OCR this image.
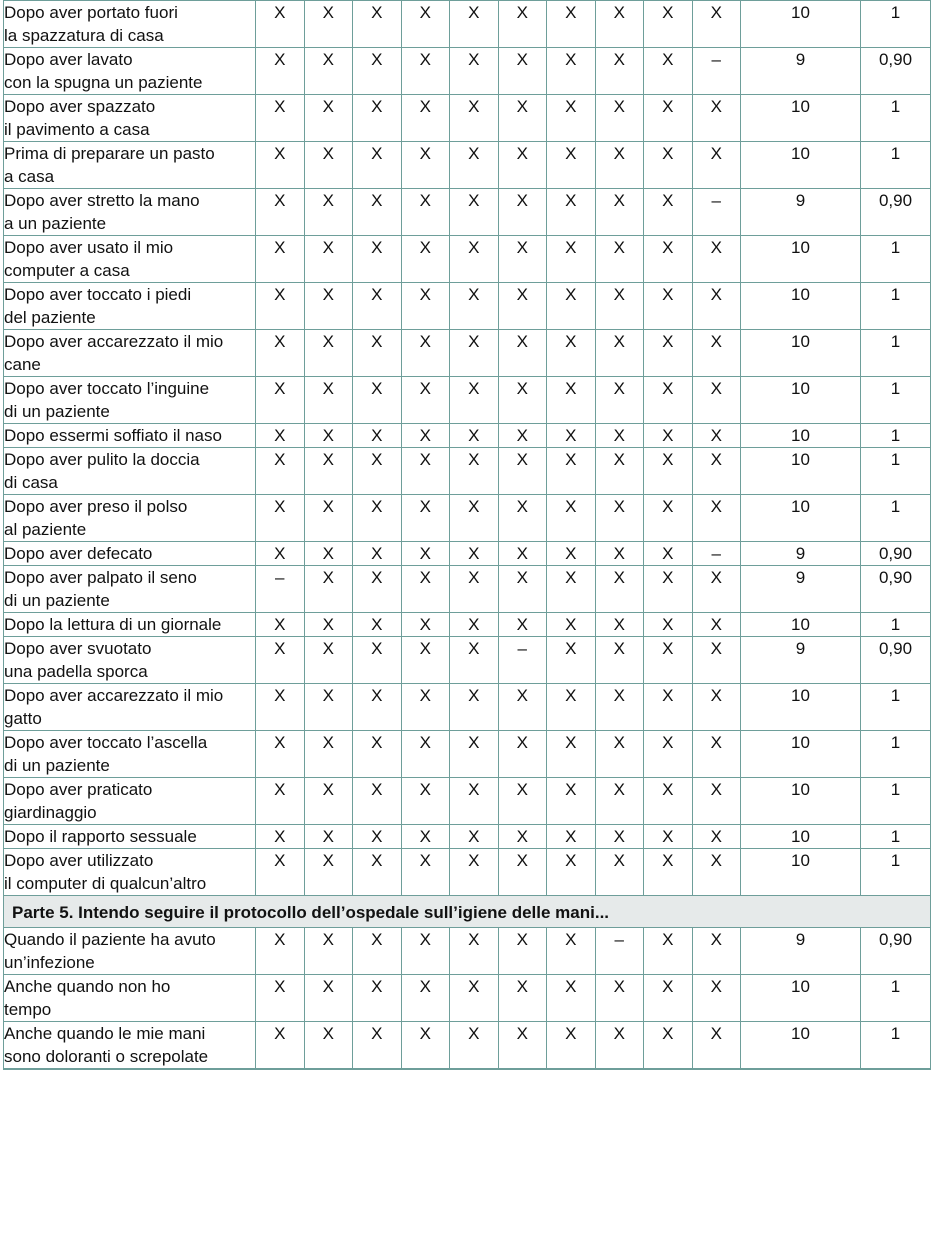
Dopo aver portato fuori
la spazzatura di casa	X	X	X	X	X	X	X	X	X	X	10	1
Dopo aver lavato
con la spugna un paziente	X	X	X	X	X	X	X	X	X	–	9	0,90
Dopo aver spazzato
il pavimento a casa	X	X	X	X	X	X	X	X	X	X	10	1
Prima di preparare un pasto
a casa	X	X	X	X	X	X	X	X	X	X	10	1
Dopo aver stretto la mano
a un paziente	X	X	X	X	X	X	X	X	X	–	9	0,90
Dopo aver usato il mio
computer a casa	X	X	X	X	X	X	X	X	X	X	10	1
Dopo aver toccato i piedi
del paziente	X	X	X	X	X	X	X	X	X	X	10	1
Dopo aver accarezzato il mio
cane	X	X	X	X	X	X	X	X	X	X	10	1
Dopo aver toccato l’inguine
di un paziente	X	X	X	X	X	X	X	X	X	X	10	1
Dopo essermi soffiato il naso	X	X	X	X	X	X	X	X	X	X	10	1
Dopo aver pulito la doccia
di casa	X	X	X	X	X	X	X	X	X	X	10	1
Dopo aver preso il polso
al paziente	X	X	X	X	X	X	X	X	X	X	10	1
Dopo aver defecato	X	X	X	X	X	X	X	X	X	–	9	0,90
Dopo aver palpato il seno
di un paziente	–	X	X	X	X	X	X	X	X	X	9	0,90
Dopo la lettura di un giornale	X	X	X	X	X	X	X	X	X	X	10	1
Dopo aver svuotato
una padella sporca	X	X	X	X	X	–	X	X	X	X	9	0,90
Dopo aver accarezzato il mio
gatto	X	X	X	X	X	X	X	X	X	X	10	1
Dopo aver toccato l’ascella
di un paziente	X	X	X	X	X	X	X	X	X	X	10	1
Dopo aver praticato
giardinaggio	X	X	X	X	X	X	X	X	X	X	10	1
Dopo il rapporto sessuale	X	X	X	X	X	X	X	X	X	X	10	1
Dopo aver utilizzato
il computer di qualcun’altro	X	X	X	X	X	X	X	X	X	X	10	1
Parte 5. Intendo seguire il protocollo dell’ospedale sull’igiene delle mani...												
Quando il paziente ha avuto
un’infezione	X	X	X	X	X	X	X	–	X	X	9	0,90
Anche quando non ho
tempo	X	X	X	X	X	X	X	X	X	X	10	1
Anche quando le mie mani
sono doloranti o screpolate	X	X	X	X	X	X	X	X	X	X	10	1
